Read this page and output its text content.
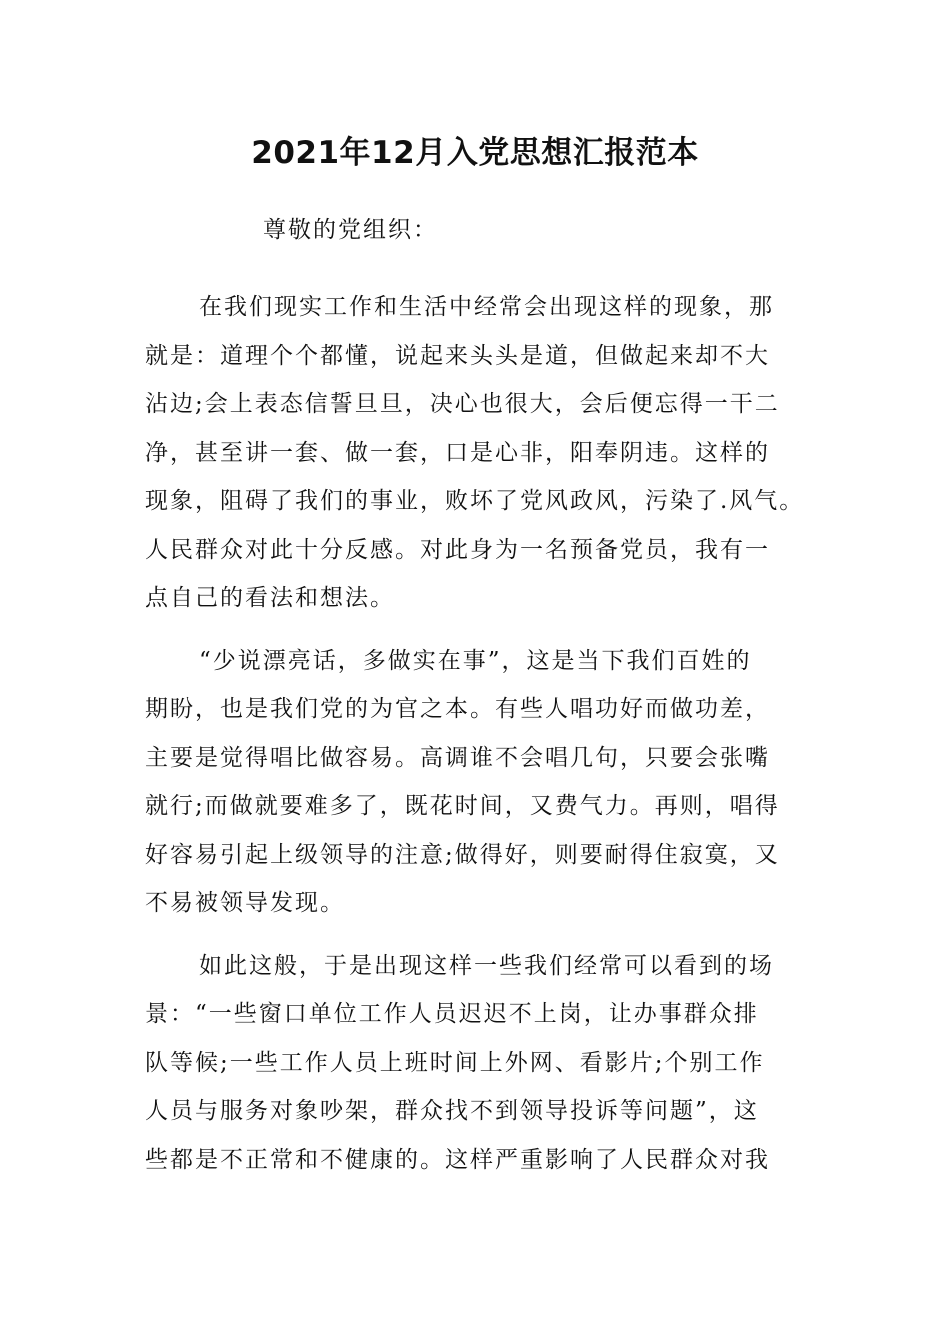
2021年12月入党思想汇报范本

尊敬的党组织：

在我们现实工作和生活中经常会出现这样的现象，那
就是：道理个个都懂，说起来头头是道，但做起来却不大
沾边;会上表态信誓旦旦，决心也很大，会后便忘得一干二
净，甚至讲一套、做一套，口是心非，阳奉阴违。这样的
现象，阻碍了我们的事业，败坏了党风政风，污染了.风气。
人民群众对此十分反感。对此身为一名预备党员，我有一
点自己的看法和想法。

“少说漂亮话，多做实在事”，这是当下我们百姓的
期盼，也是我们党的为官之本。有些人唱功好而做功差，
主要是觉得唱比做容易。高调谁不会唱几句，只要会张嘴
就行;而做就要难多了，既花时间，又费气力。再则，唱得
好容易引起上级领导的注意;做得好，则要耐得住寂寞，又
不易被领导发现。

如此这般，于是出现这样一些我们经常可以看到的场
景：“一些窗口单位工作人员迟迟不上岗，让办事群众排
队等候;一些工作人员上班时间上外网、看影片;个别工作
人员与服务对象吵架，群众找不到领导投诉等问题”，这
些都是不正常和不健康的。这样严重影响了人民群众对我
